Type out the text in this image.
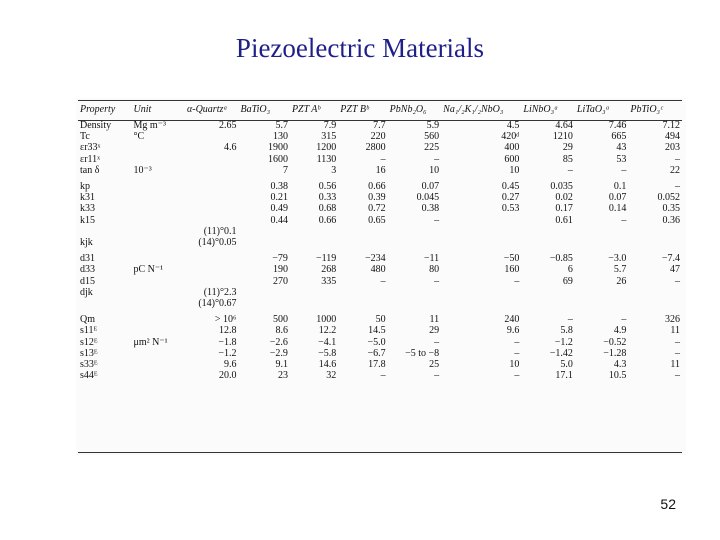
Piezoelectric Materials
Property	Unit	α-Quartzᵃ	BaTiO₃	PZT Aᵇ	PZT Bᵇ	PbNb₂O₆	Na₁/₂K₁/₂NbO₃	LiNbO₃ᵃ	LiTaO₃ᵃ	PbTiO₃ᶜ
Density	Mg m⁻³	2.65	5.7	7.9	7.7	5.9	4.5	4.64	7.46	7.12
Tc	°C		130	315	220	560	420ᵈ	1210	665	494
εr33ˣ		4.6	1900	1200	2800	225	400	29	43	203
εr11ˣ			1600	1130	–	–	600	85	53	–
tan δ	10⁻³		7	3	16	10	10	–	–	22

kp			0.38	0.56	0.66	0.07	0.45	0.035	0.1	–
k31			0.21	0.33	0.39	0.045	0.27	0.02	0.07	0.052
k33			0.49	0.68	0.72	0.38	0.53	0.17	0.14	0.35
k15			0.44	0.66	0.65	–		0.61	–	0.36
		(11)°0.1								
kjk		(14)°0.05								

d31			−79	−119	−234	−11	−50	−0.85	−3.0	−7.4
d33	pC N⁻¹		190	268	480	80	160	6	5.7	47
d15			270	335	–	–	–	69	26	–
djk		(11)°2.3								
		(14)°0.67								

Qm		> 10⁶	500	1000	50	11	240	–	–	326
s11ᴱ		12.8	8.6	12.2	14.5	29	9.6	5.8	4.9	11
s12ᴱ	μm² N⁻¹	−1.8	−2.6	−4.1	−5.0	–	–	−1.2	−0.52	–
s13ᴱ		−1.2	−2.9	−5.8	−6.7	−5 to −8	–	−1.42	−1.28	–
s33ᴱ		9.6	9.1	14.6	17.8	25	10	5.0	4.3	11
s44ᴱ		20.0	23	32	–	–	–	17.1	10.5	–
52
